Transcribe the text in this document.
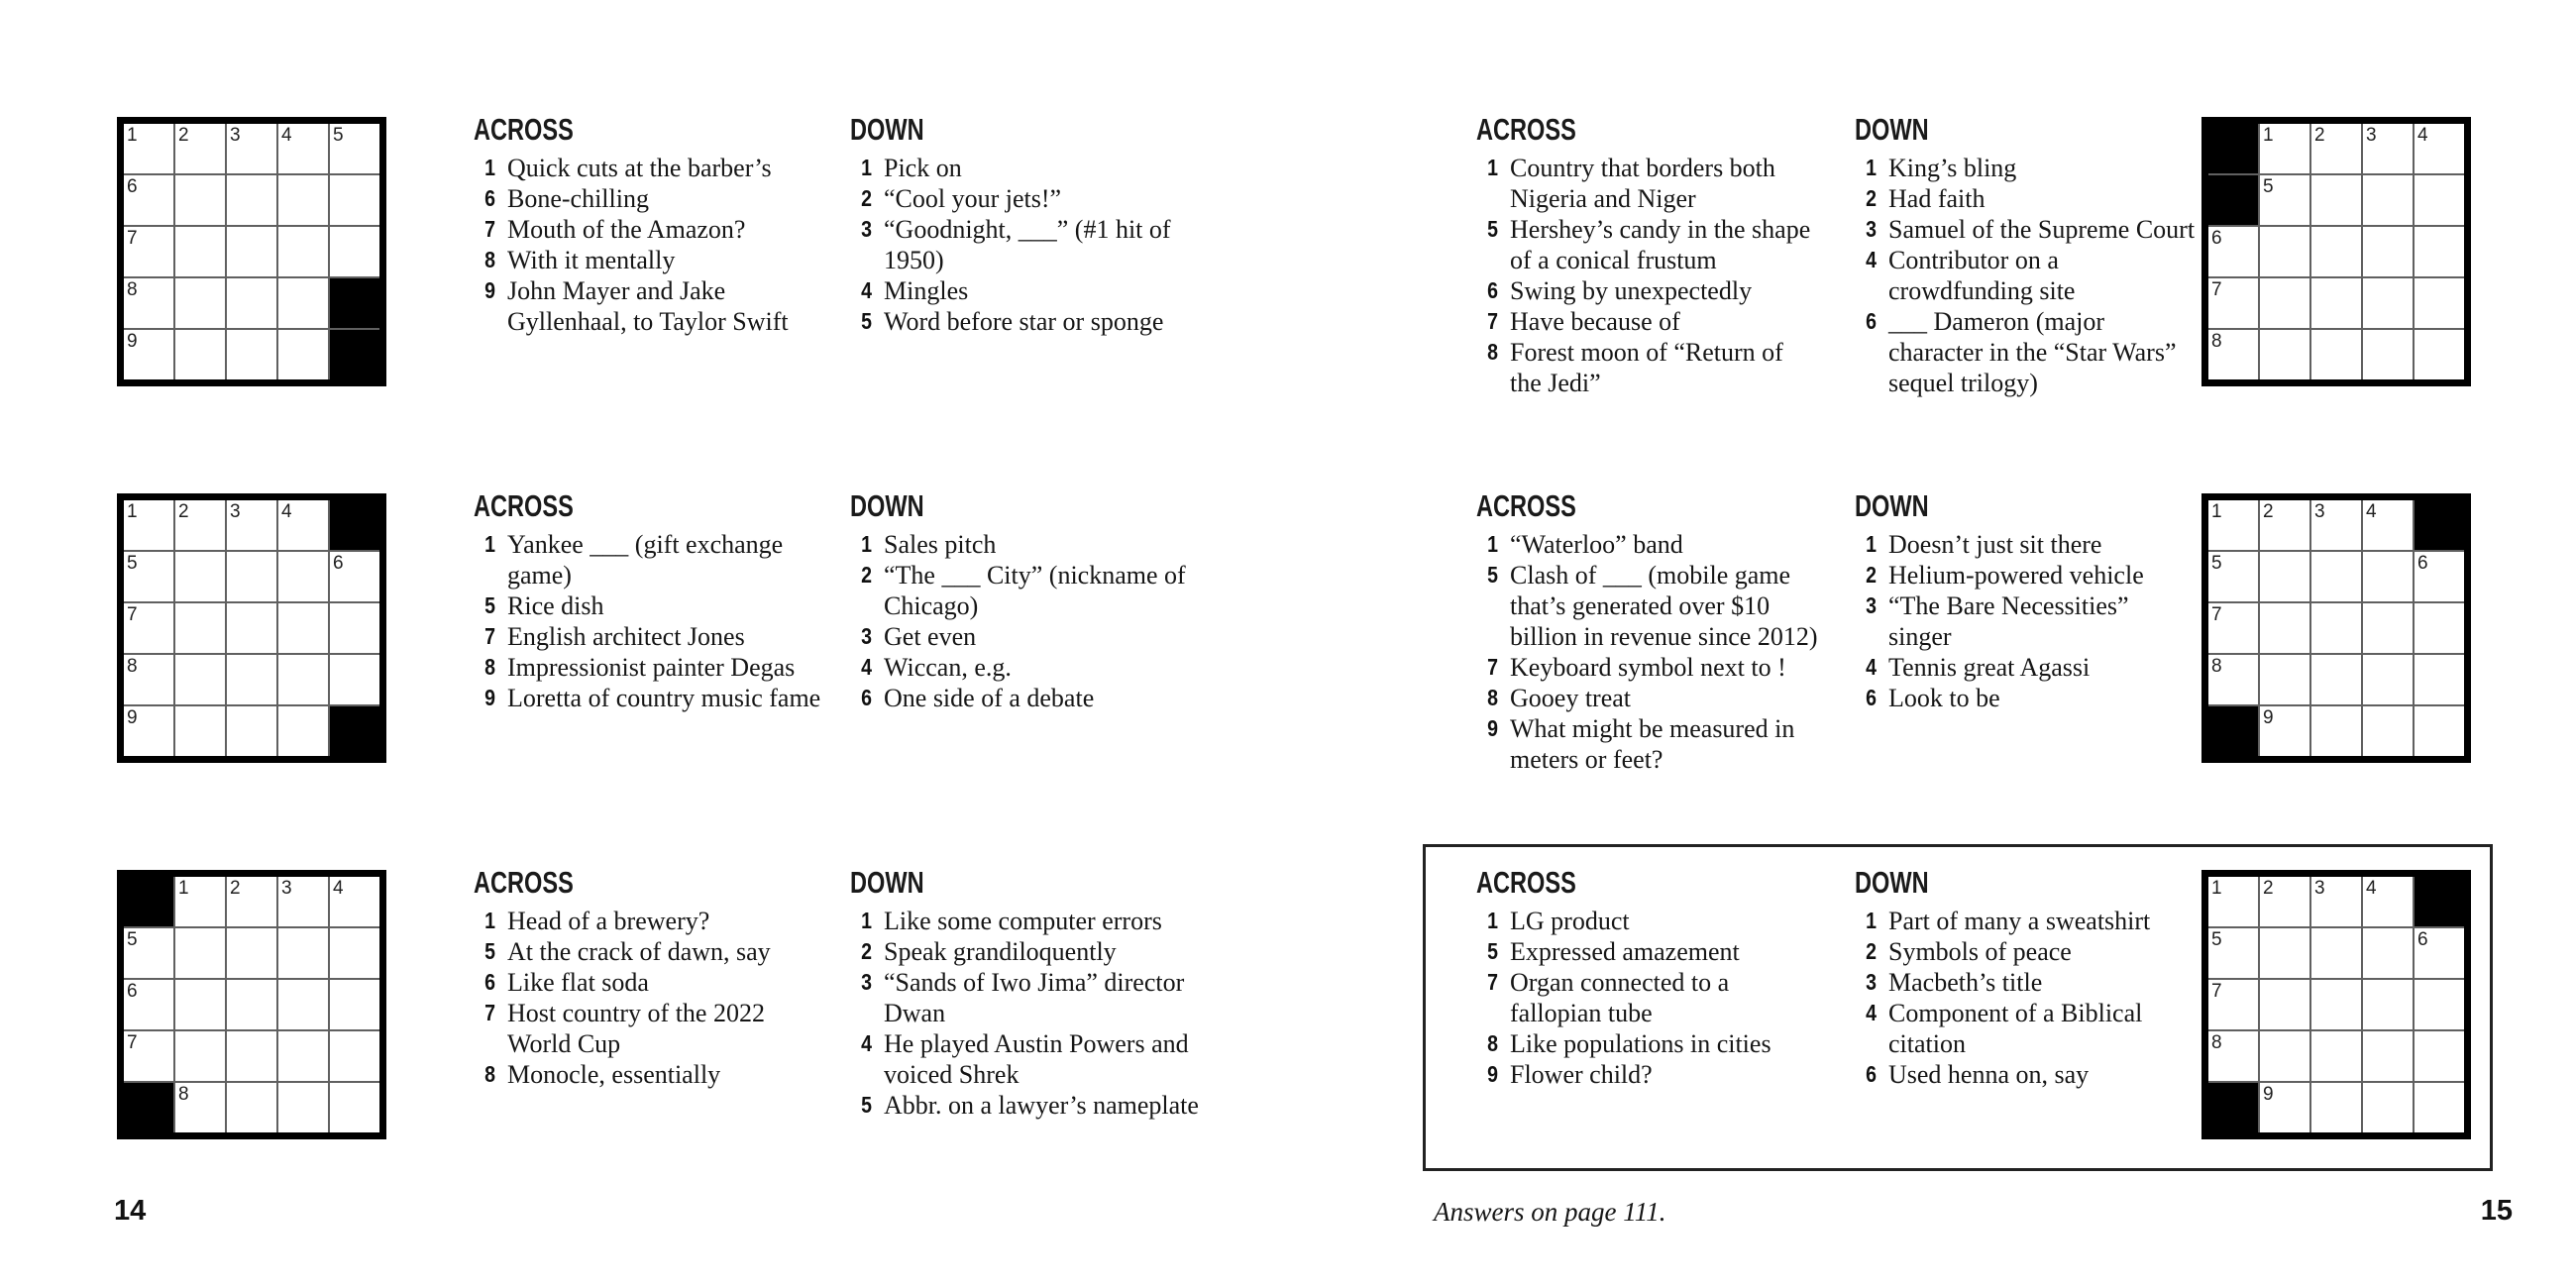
1 2 3 4 5
6
7
8
9
ACROSS
1 Quick cuts at the barber’s
6 Bone-chilling
7 Mouth of the Amazon?
8 With it mentally
9 John Mayer and Jake Gyllenhaal, to Taylor Swift
DOWN
1 Pick on
2 “Cool your jets!”
3 “Goodnight, ___” (#1 hit of 1950)
4 Mingles
5 Word before star or sponge
1 2 3 4
5	6
7
8
9
ACROSS
1 Yankee ___ (gift exchange game)
5 Rice dish
7 English architect Jones
8 Impressionist painter Degas
9 Loretta of country music fame
DOWN
1 Sales pitch
2 “The ___ City” (nickname of Chicago)
3 Get even
4 Wiccan, e.g.
6 One side of a debate
1 2 3 4
5
6
7
8
ACROSS
1 Head of a brewery?
5 At the crack of dawn, say
6 Like flat soda
7 Host country of the 2022 World Cup
8 Monocle, essentially
DOWN
1 Like some computer errors
2 Speak grandiloquently
3 “Sands of Iwo Jima” director Dwan
4 He played Austin Powers and voiced Shrek
5 Abbr. on a lawyer’s nameplate
1 2 3 4
5
6
7
8
ACROSS
1 Country that borders both Nigeria and Niger
5 Hershey’s candy in the shape of a conical frustum
6 Swing by unexpectedly
7 Have because of
8 Forest moon of “Return of the Jedi”
DOWN
1 King’s bling
2 Had faith
3 Samuel of the Supreme Court
4 Contributor on a crowdfunding site
6 ___ Dameron (major character in the “Star Wars” sequel trilogy)
1 2 3 4
5	6
7
8
9
ACROSS
1 “Waterloo” band
5 Clash of ___ (mobile game that’s generated over $10 billion in revenue since 2012)
7 Keyboard symbol next to !
8 Gooey treat
9 What might be measured in meters or feet?
DOWN
1 Doesn’t just sit there
2 Helium-powered vehicle
3 “The Bare Necessities” singer
4 Tennis great Agassi
6 Look to be
1 2 3 4
5	6
7
8
9
ACROSS
1 LG product
5 Expressed amazement
7 Organ connected to a fallopian tube
8 Like populations in cities
9 Flower child?
DOWN
1 Part of many a sweatshirt
2 Symbols of peace
3 Macbeth’s title
4 Component of a Biblical citation
6 Used henna on, say
14	Answers on page 111.	15
